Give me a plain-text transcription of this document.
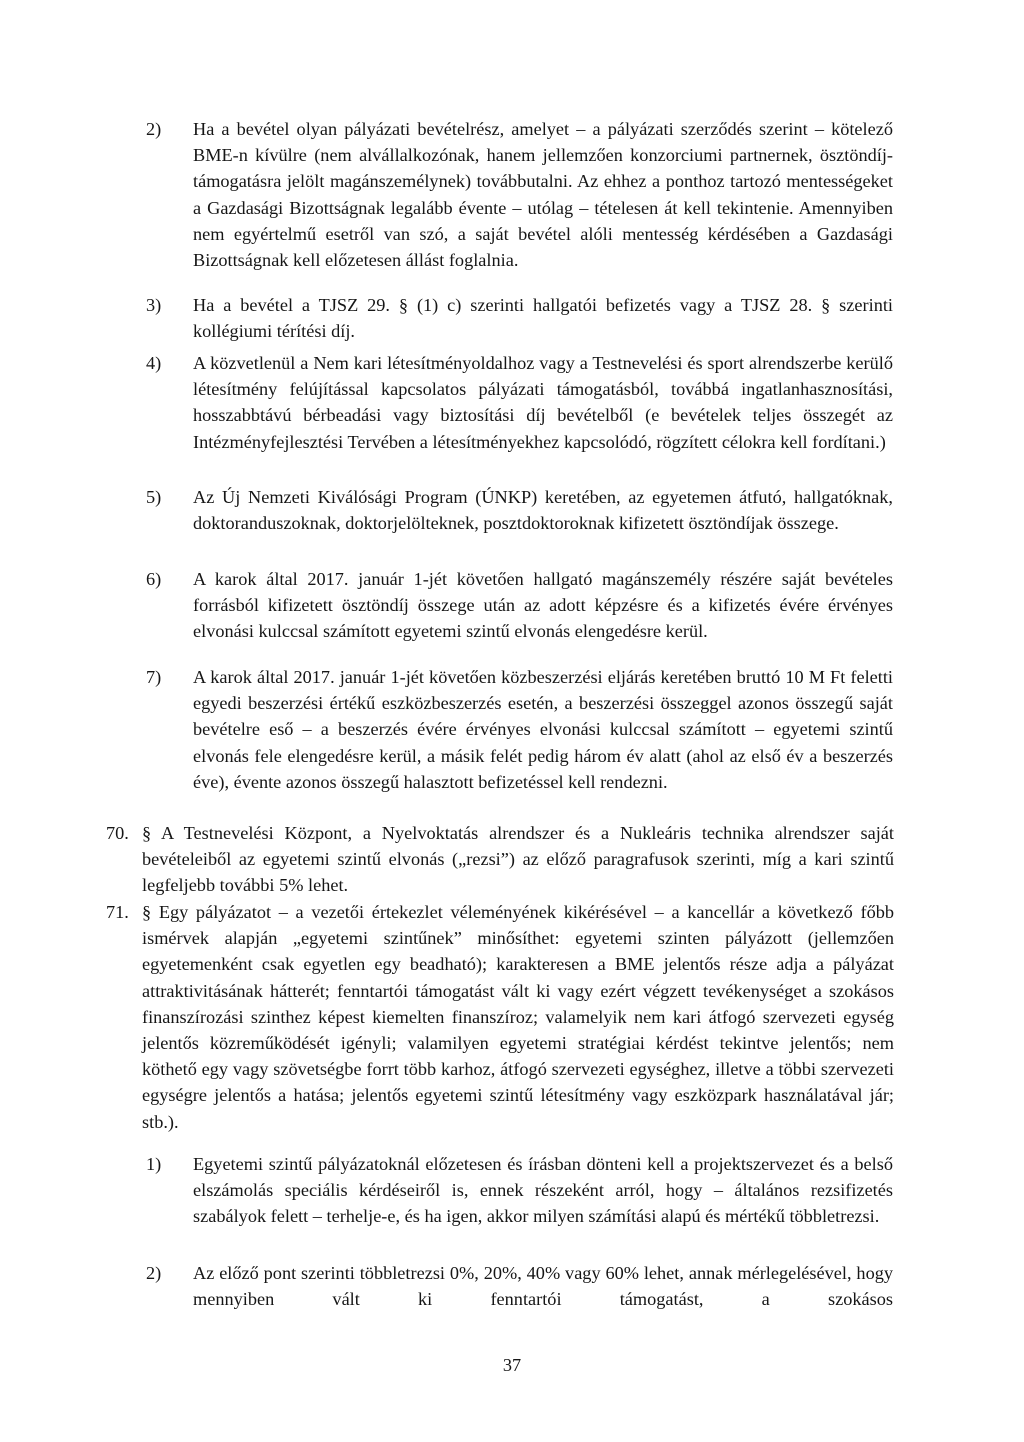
2) Ha a bevétel olyan pályázati bevételrész, amelyet – a pályázati szerződés szerint – kötelező BME-n kívülre (nem alvállalkozónak, hanem jellemzően konzorciumi partnernek, ösztöndíj-támogatásra jelölt magánszemélynek) továbbutalni. Az ehhez a ponthoz tartozó mentességeket a Gazdasági Bizottságnak legalább évente – utólag – tételesen át kell tekintenie. Amennyiben nem egyértelmű esetről van szó, a saját bevétel alóli mentesség kérdésében a Gazdasági Bizottságnak kell előzetesen állást foglalnia.
3) Ha a bevétel a TJSZ 29. § (1) c) szerinti hallgatói befizetés vagy a TJSZ 28. § szerinti kollégiumi térítési díj.
4) A közvetlenül a Nem kari létesítményoldalhoz vagy a Testnevelési és sport alrendszerbe kerülő létesítmény felújítással kapcsolatos pályázati támogatásból, továbbá ingatlanhasznosítási, hosszabbtávú bérbeadási vagy biztosítási díj bevételből (e bevételek teljes összegét az Intézményfejlesztési Tervében a létesítményekhez kapcsolódó, rögzített célokra kell fordítani.)
5) Az Új Nemzeti Kiválósági Program (ÚNKP) keretében, az egyetemen átfutó, hallgatóknak, doktoranduszoknak, doktorjelölteknek, posztdoktoroknak kifizetett ösztöndíjak összege.
6) A karok által 2017. január 1-jét követően hallgató magánszemély részére saját bevételes forrásból kifizetett ösztöndíj összege után az adott képzésre és a kifizetés évére érvényes elvonási kulccsal számított egyetemi szintű elvonás elengedésre kerül.
7) A karok által 2017. január 1-jét követően közbeszerzési eljárás keretében bruttó 10 M Ft feletti egyedi beszerzési értékű eszközbeszerzés esetén, a beszerzési összeggel azonos összegű saját bevételre eső – a beszerzés évére érvényes elvonási kulccsal számított – egyetemi szintű elvonás fele elengedésre kerül, a másik felét pedig három év alatt (ahol az első év a beszerzés éve), évente azonos összegű halasztott befizetéssel kell rendezni.
70. § A Testnevelési Központ, a Nyelvoktatás alrendszer és a Nukleáris technika alrendszer saját bevételeiből az egyetemi szintű elvonás („rezsi”) az előző paragrafusok szerinti, míg a kari szintű legfeljebb további 5% lehet.
71. § Egy pályázatot – a vezetői értekezlet véleményének kikérésével – a kancellár a következő főbb ismérvek alapján „egyetemi szintűnek” minősíthet: egyetemi szinten pályázott (jellemzően egyetemenként csak egyetlen egy beadható); karakteresen a BME jelentős része adja a pályázat attraktivitásának hátterét; fenntartói támogatást vált ki vagy ezért végzett tevékenységet a szokásos finanszírozási szinthez képest kiemelten finanszíroz; valamelyik nem kari átfogó szervezeti egység jelentős közreműködését igényli; valamilyen egyetemi stratégiai kérdést tekintve jelentős; nem köthető egy vagy szövetségbe forrt több karhoz, átfogó szervezeti egységhez, illetve a többi szervezeti egységre jelentős a hatása; jelentős egyetemi szintű létesítmény vagy eszközpark használatával jár; stb.).
1) Egyetemi szintű pályázatoknál előzetesen és írásban dönteni kell a projektszervezet és a belső elszámolás speciális kérdéseiről is, ennek részeként arról, hogy – általános rezsifizetés szabályok felett – terhelje-e, és ha igen, akkor milyen számítási alapú és mértékű többletrezsi.
2) Az előző pont szerinti többletrezsi 0%, 20%, 40% vagy 60% lehet, annak mérlegelésével, hogy mennyiben vált ki fenntartói támogatást, a szokásos
37
